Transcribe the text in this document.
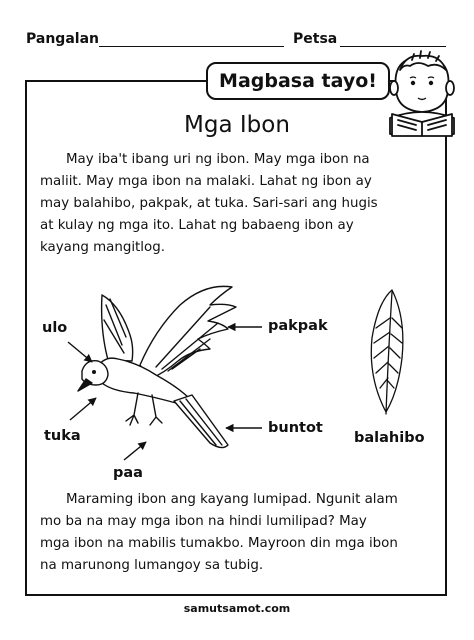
Pangalan	Petsa
Magbasa tayo!
Mga Ibon

May iba't ibang uri ng ibon. May mga ibon na

maliit. May mga ibon na malaki. Lahat ng ibon ay

may balahibo, pakpak, at tuka. Sari-sari ang hugis

at kulay ng mga ito. Lahat ng babaeng ibon ay

kayang mangitlog.

ulo	pakpak
tuka	buntot
paa
balahibo

Maraming ibon ang kayang lumipad. Ngunit alam

mo ba na may mga ibon na hindi lumilipad? May

mga ibon na mabilis tumakbo. Mayroon din mga ibon

na marunong lumangoy sa tubig.

samutsamot.com
